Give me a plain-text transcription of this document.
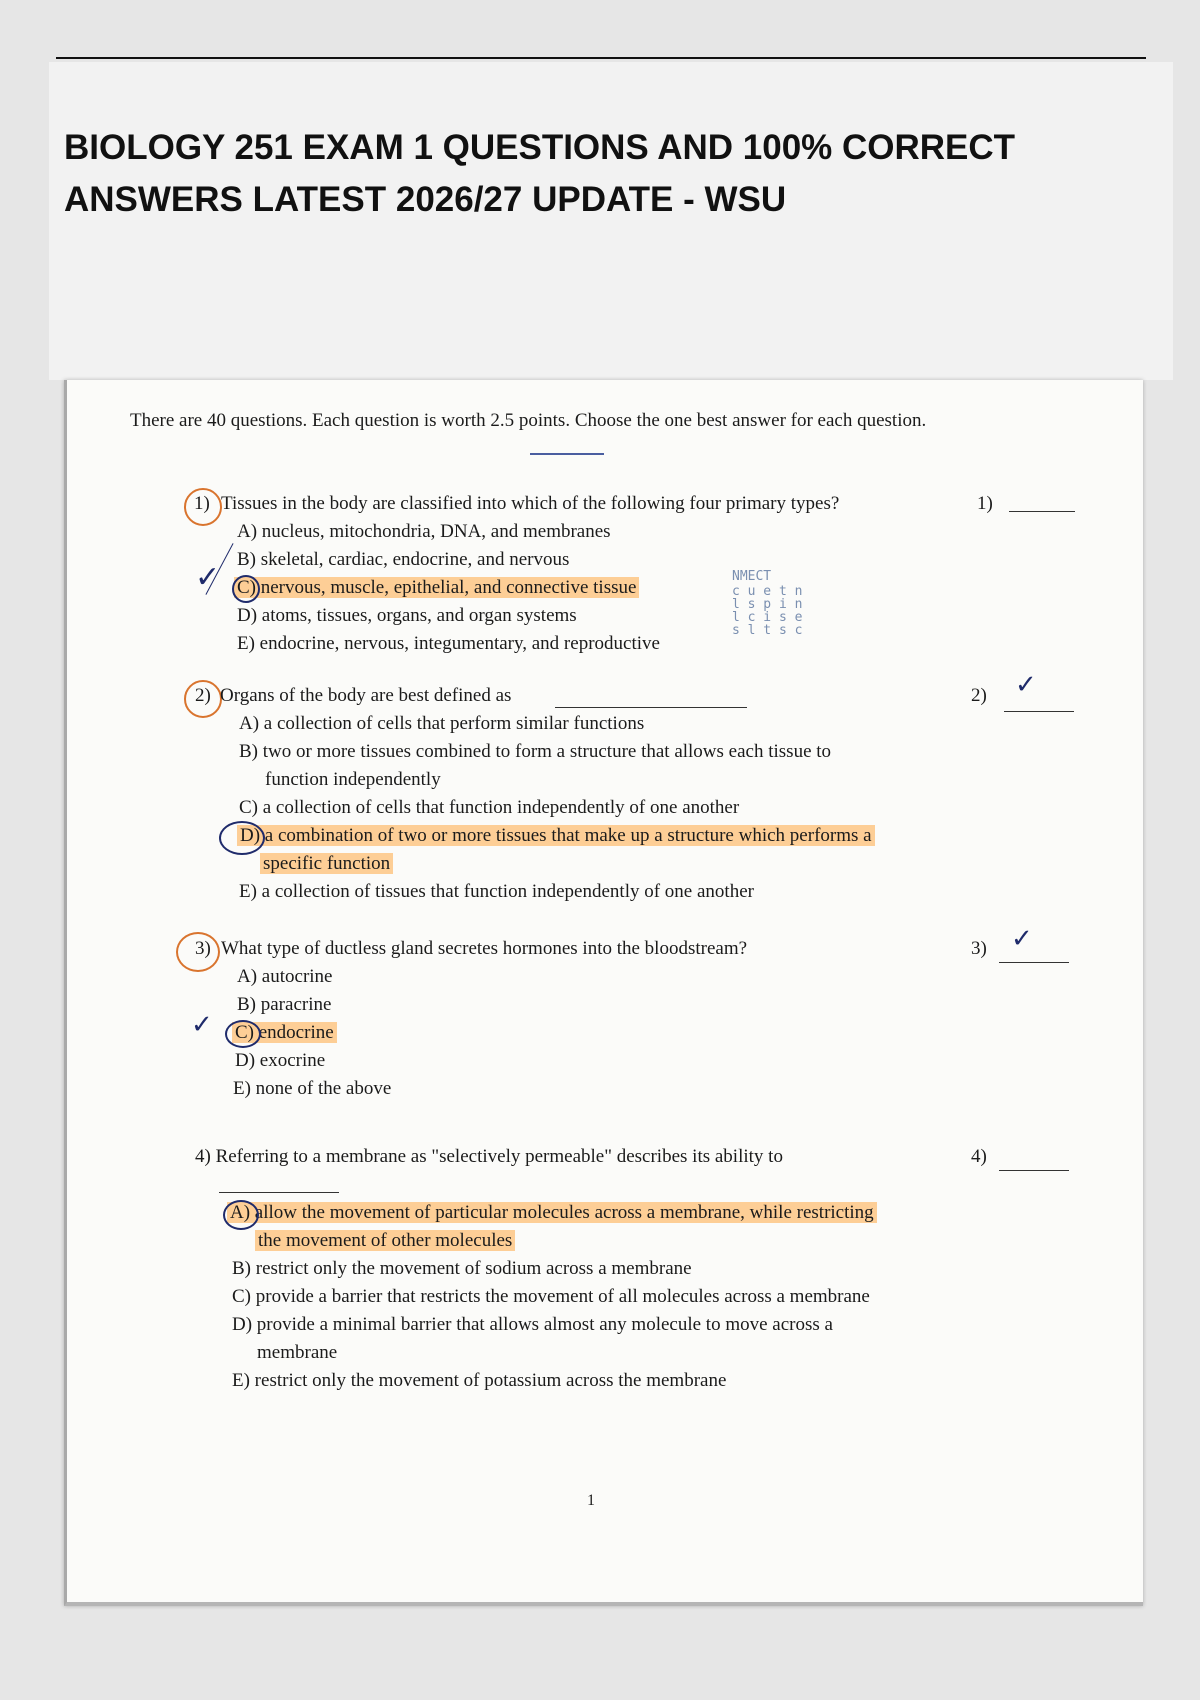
BIOLOGY 251 EXAM 1 QUESTIONS AND 100% CORRECT ANSWERS LATEST 2026/27 UPDATE - WSU
There are 40 questions. Each question is worth 2.5 points. Choose the one best answer for each question.
1) Tissues in the body are classified into which of the following four primary types?	1)
A) nucleus, mitochondria, DNA, and membranes
B) skeletal, cardiac, endocrine, and nervous
C) nervous, muscle, epithelial, and connective tissue
D) atoms, tissues, organs, and organ systems
E) endocrine, nervous, integumentary, and reproductive
✓	NMECT
c u e t n
l s p i n
l c i s e
s l t s c
2) Organs of the body are best defined as	2) ✓
A) a collection of cells that perform similar functions
B) two or more tissues combined to form a structure that allows each tissue to
function independently
C) a collection of cells that function independently of one another
D) a combination of two or more tissues that make up a structure which performs a
specific function
E) a collection of tissues that function independently of one another
3) What type of ductless gland secretes hormones into the bloodstream?	3) ✓
A) autocrine
B) paracrine
C) endocrine
✓
D) exocrine
E) none of the above
4) Referring to a membrane as "selectively permeable" describes its ability to	4)
A) allow the movement of particular molecules across a membrane, while restricting
the movement of other molecules
B) restrict only the movement of sodium across a membrane
C) provide a barrier that restricts the movement of all molecules across a membrane
D) provide a minimal barrier that allows almost any molecule to move across a
membrane
E) restrict only the movement of potassium across the membrane
1
